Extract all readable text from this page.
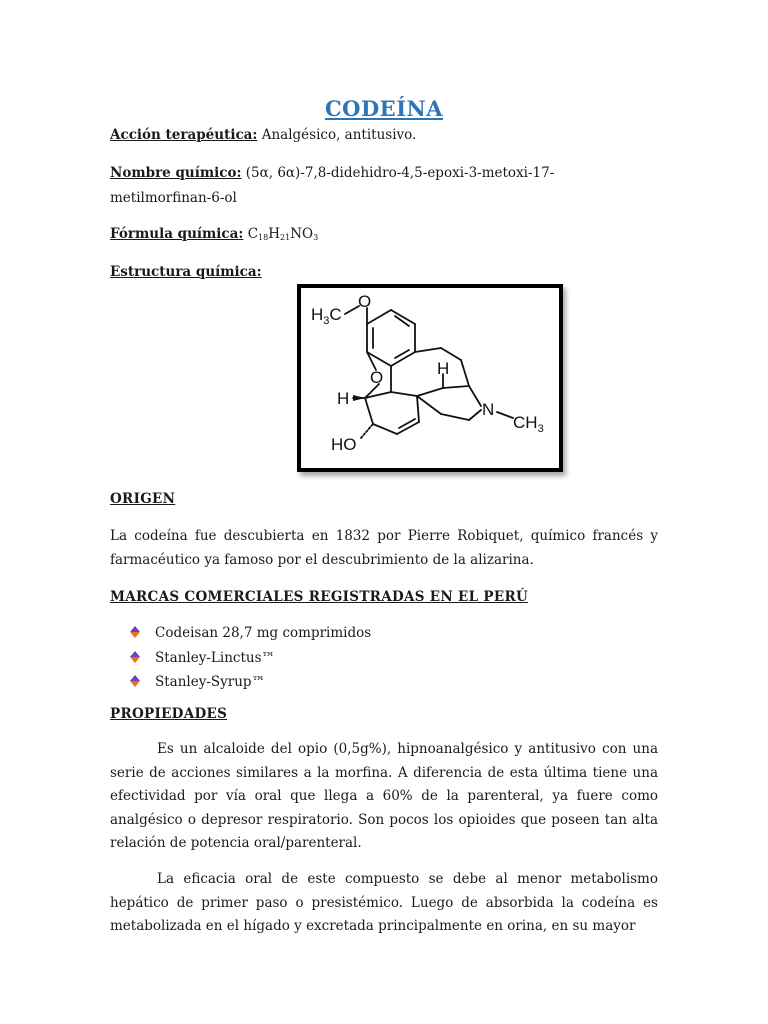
CODEÍNA
Acción terapéutica: Analgésico, antitusivo.
Nombre químico: (5α, 6α)-7,8-didehidro-4,5-epoxi-3-metoxi-17-
metilmorfinan-6-ol
Fórmula química: $C_{18}H_{21}NO_3$
Estructura química:
$H_3C$
O
O	H
H
N
$CH_3$
HO
ORIGEN
La codeína fue descubierta en 1832 por Pierre Robiquet, químico francés y farmacéutico ya famoso por el descubrimiento de la alizarina.
MARCAS COMERCIALES REGISTRADAS EN EL PERÚ
Codeisan 28,7 mg comprimidos
Stanley-Linctus™
Stanley-Syrup™
PROPIEDADES
Es un alcaloide del opio (0,5g%), hipnoanalgésico y antitusivo con una serie de acciones similares a la morfina. A diferencia de esta última tiene una efectividad por vía oral que llega a 60% de la parenteral, ya fuere como analgésico o depresor respiratorio. Son pocos los opioides que poseen tan alta relación de potencia oral/parenteral.
La eficacia oral de este compuesto se debe al menor metabolismo hepático de primer paso o presistémico. Luego de absorbida la codeína es metabolizada en el hígado y excretada principalmente en orina, en su mayor
